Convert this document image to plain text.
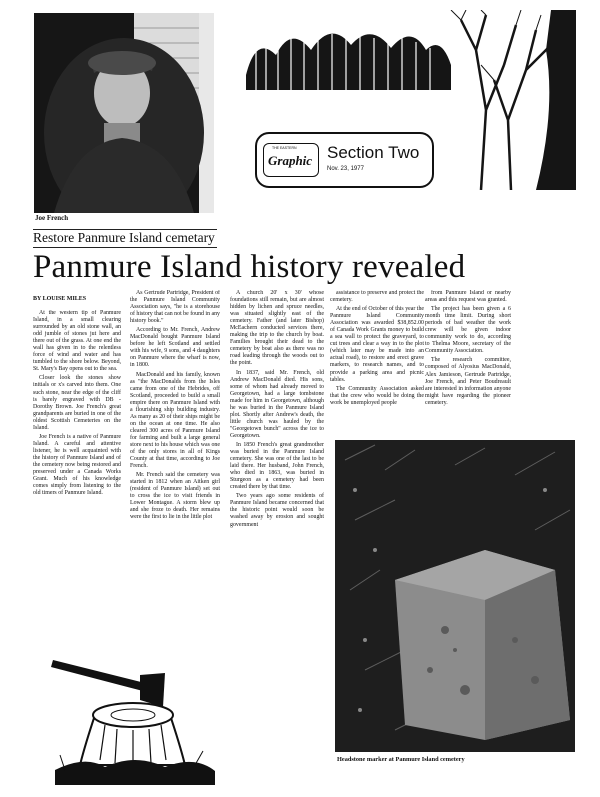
Joe French
THE EASTERN
Graphic Section Two
Nov. 23, 1977
Restore Panmure Island cemetary
Panmure Island history revealed
BY LOUISE MILES

At the western tip of Panmure Island, in a small clearing surrounded by an old stone wall, an odd jumble of stones jut here and there out of the grass. At one end the wall has given in to the relentless force of wind and water and has tumbled to the shore below. Beyond, St. Mary's Bay opens out to the sea.

Closer look the stones show initials or x's carved into them. One such stone, near the edge of the cliff is barely engraved with DB - Dorothy Brown. Joe French's great grandparents are buried in one of the oldest Scottish Cemeteries on the Island.

Joe French is a native of Panmure Island. A careful and attentive listener, he is well acquainted with the history of Panmure Island and of the cemetery now being restored and preserved under a Canada Works Grant. Much of his knowledge comes simply from listening to the old timers of Panmure Island.

As Gertrude Partridge, President of the Panmure Island Community Association says, "he is a storehouse of history that can not be found in any history book."

According to Mr. French, Andrew MacDonald bought Panmure Island before he left Scotland and settled with his wife, 9 sons, and 4 daughters on Panmure where the wharf is now, in 1800.

MacDonald and his family, known as "the MacDonalds from the Isles came from one of the Hebrides, off Scotland, proceeded to build a small empire there on Panmure Island with a flourishing ship building industry. As many as 20 of their ships might be on the ocean at one time. He also cleared 300 acres of Panmure Island for farming and built a large general store next to his house which was one of the only stores in all of Kings County at that time, according to Joe French.

Mr. French said the cemetery was started in 1812 when an Aitken girl (resident of Panmure Island) set out to cross the ice to visit friends in Lower Montague. A storm blew up and she froze to death. Her remains were the first to lie in the little plot

A church 20' x 30' whose foundations still remain, but are almost hidden by lichen and spruce needles, was situated slightly east of the cemetery. Father (and later Bishop) McEachern conducted services there, making the trip to the church by boat. Families brought their dead to the cemetery by boat also as there was no road leading through the woods out to the point.

In 1837, said Mr. French, old Andrew MacDonald died. His sons, some of whom had already moved to Georgetown, had a large tombstone made for him in Georgetown, although he was buried in the Panmure Island plot. Shortly after Andrew's death, the little church was hauled by the "Georgetown bunch" across the ice to Georgetown.

In 1850 French's great grandmother was buried in the Panmure Island cemetery. She was one of the last to be laid there. Her husband, John French, who died in 1863, was buried in Sturgeon as a cemetery had been created there by that time.

Two years ago some residents of Panmure Island became concerned that the historic point would soon be washed away by erosion and sought government

assistance to preserve and protect the cemetery.

At the end of October of this year the Panmure Island Community Association was awarded $38,852.00 of Canada Work Grants money to build a sea wall to protect the graveyard, to cut trees and clear a way in to the plot (which later may be made into an actual road), to restore and erect grave markers, to research names, and to provide a parking area and picnic tables.

The Community Association asked that the crew who would be doing the work be unemployed people

from Panmure Island or nearby areas and this request was granted.

The project has been given a 6 month time limit. During short periods of bad weather the work crew will be given indoor community work to do, according to Thelma Moore, secretary of the Community Association.

The research committee, composed of Alyosius MacDonald, Alex Jamieson, Gertrude Partridge, Joe French, and Peter Boudreault are interested in information anyone might have regarding the pioneer cemetery.

Headstone marker at Panmure Island cemetery
